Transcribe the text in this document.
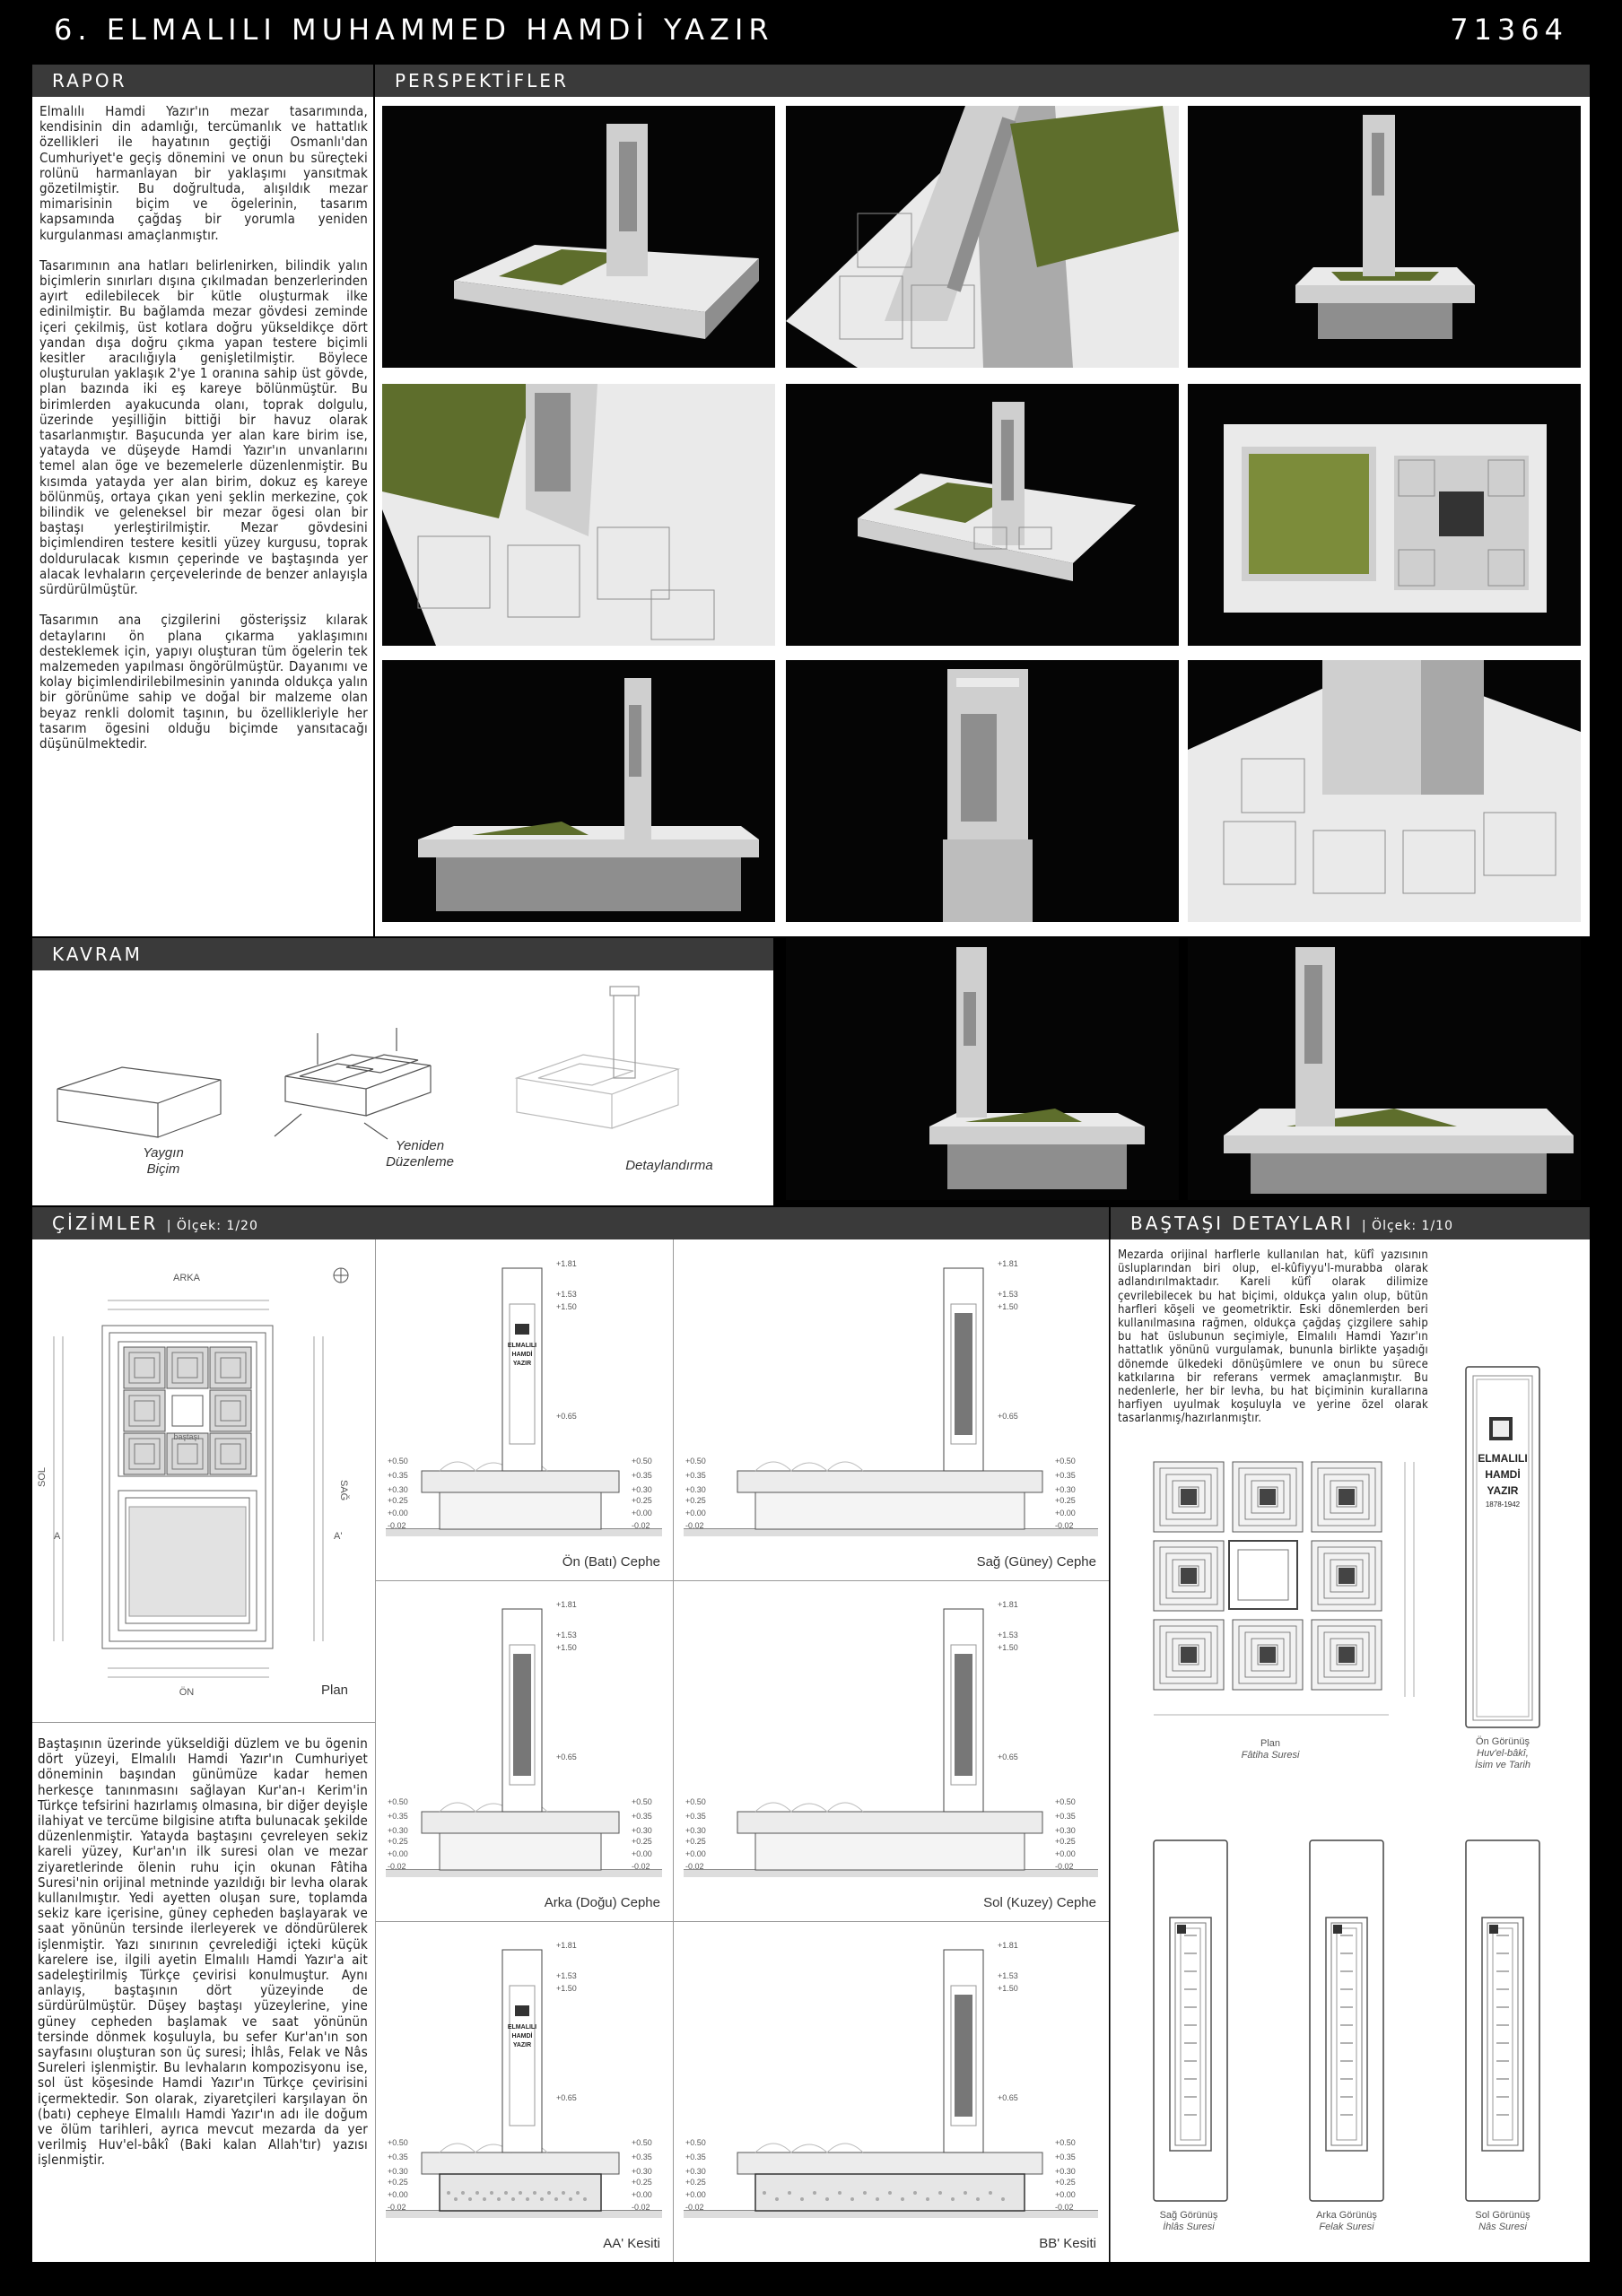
6. ELMALILI MUHAMMED HAMDİ YAZIR	71364
RAPOR

Elmalılı Hamdi Yazır'ın mezar tasarımında, kendisinin din adamlığı, tercümanlık ve hattatlık özellikleri ile hayatının geçtiği Osmanlı'dan Cumhuriyet'e geçiş dönemini ve onun bu süreçteki rolünü harmanlayan bir yaklaşımı yansıtmak gözetilmiştir. Bu doğrultuda, alışıldık mezar mimarisinin biçim ve ögelerinin, tasarım kapsamında çağdaş bir yorumla yeniden kurgulanması amaçlanmıştır.

Tasarımının ana hatları belirlenirken, bilindik yalın biçimlerin sınırları dışına çıkılmadan benzerlerinden ayırt edilebilecek bir kütle oluşturmak ilke edinilmiştir. Bu bağlamda mezar gövdesi zeminde içeri çekilmiş, üst kotlara doğru yükseldikçe dört yandan dışa doğru çıkma yapan testere biçimli kesitler aracılığıyla genişletilmiştir. Böylece oluşturulan yaklaşık 2'ye 1 oranına sahip üst gövde, plan bazında iki eş kareye bölünmüştür. Bu birimlerden ayakucunda olanı, toprak dolgulu, üzerinde yeşilliğin bittiği bir havuz olarak tasarlanmıştır. Başucunda yer alan kare birim ise, yatayda ve düşeyde Hamdi Yazır'ın unvanlarını temel alan öge ve bezemelerle düzenlenmiştir. Bu kısımda yatayda yer alan birim, dokuz eş kareye bölünmüş, ortaya çıkan yeni şeklin merkezine, çok bilindik ve geleneksel bir mezar ögesi olan bir baştaşı yerleştirilmiştir. Mezar gövdesini biçimlendiren testere kesitli yüzey kurgusu, toprak doldurulacak kısmın çeperinde ve baştaşında yer alacak levhaların çerçevelerinde de benzer anlayışla sürdürülmüştür.

Tasarımın ana çizgilerini gösterişsiz kılarak detaylarını ön plana çıkarma yaklaşımını desteklemek için, yapıyı oluşturan tüm ögelerin tek malzemeden yapılması öngörülmüştür. Dayanımı ve kolay biçimlendirilebilmesinin yanında oldukça yalın bir görünüme sahip ve doğal bir malzeme olan beyaz renkli dolomit taşının, bu özellikleriyle her tasarım ögesini olduğu biçimde yansıtacağı düşünülmektedir.

PERSPEKTİFLER
KAVRAM
Yaygın
Biçim
Yeniden
Düzenleme	Detaylandırma
ÇİZİMLER | Ölçek: 1/20	BAŞTAŞI DETAYLARI | Ölçek: 1/10
ARKA
ÖN
SOL
SAĞ
A	A'
baştaşı
Plan
Baştaşının üzerinde yükseldiği düzlem ve bu ögenin dört yüzeyi, Elmalılı Hamdi Yazır'ın Cumhuriyet döneminin başından günümüze kadar hemen herkesçe tanınmasını sağlayan Kur'an-ı Kerim'in Türkçe tefsirini hazırlamış olmasına, bir diğer deyişle ilahiyat ve tercüme bilgisine atıfta bulunacak şekilde düzenlenmiştir. Yatayda baştaşını çevreleyen sekiz kareli yüzey, Kur'an'ın ilk suresi olan ve mezar ziyaretlerinde ölenin ruhu için okunan Fâtiha Suresi'nin orijinal metninde yazıldığı bir levha olarak kullanılmıştır. Yedi ayetten oluşan sure, toplamda sekiz kare içerisine, güney cepheden başlayarak ve saat yönünün tersinde ilerleyerek ve döndürülerek işlenmiştir. Yazı sınırının çevrelediği içteki küçük karelere ise, ilgili ayetin Elmalılı Hamdi Yazır'a ait sadeleştirilmiş Türkçe çevirisi konulmuştur. Aynı anlayış, baştaşının dört yüzeyinde de sürdürülmüştür. Düşey baştaşı yüzeylerine, yine güney cepheden başlamak ve saat yönünün tersinde dönmek koşuluyla, bu sefer Kur'an'ın son sayfasını oluşturan son üç suresi; İhlâs, Felak ve Nâs Sureleri işlenmiştir. Bu levhaların kompozisyonu ise, sol üst köşesinde Hamdi Yazır'ın Türkçe çevirisini içermektedir. Son olarak, ziyaretçileri karşılayan ön (batı) cepheye Elmalılı Hamdi Yazır'ın adı ile doğum ve ölüm tarihleri, ayrıca mevcut mezarda da yer verilmiş Huv'el-bâkî (Baki kalan Allah'tır) yazısı işlenmiştir.
ELMALILI
HAMDİ
YAZIR
+1.81
+1.53
+1.50
+0.65
+0.50
+0.50
+0.35
+0.35
+0.30
+0.30
+0.25
+0.25
+0.00
+0.00
-0.02
-0.02
Ön (Batı) Cephe
+1.81
+1.53
+1.50
+0.65
+0.50
+0.50
+0.35
+0.35
+0.30
+0.30
+0.25
+0.25
+0.00
+0.00
-0.02
-0.02
Sağ (Güney) Cephe
+1.81
+1.53
+1.50
+0.65
+0.50
+0.50
+0.35
+0.35
+0.30
+0.30
+0.25
+0.25
+0.00
+0.00
-0.02
-0.02
Arka (Doğu) Cephe
+1.81
+1.53
+1.50
+0.65
+0.50
+0.50
+0.35
+0.35
+0.30
+0.30
+0.25
+0.25
+0.00
+0.00
-0.02
-0.02
Sol (Kuzey) Cephe
ELMALILI
HAMDİ
YAZIR
+1.81
+1.53
+1.50
+0.65
+0.50
+0.50
+0.35
+0.35
+0.30
+0.30
+0.25
+0.25
+0.00
+0.00
-0.02
-0.02
AA' Kesiti
+1.81
+1.53
+1.50
+0.65
+0.50
+0.50
+0.35
+0.35
+0.30
+0.30
+0.25
+0.25
+0.00
+0.00
-0.02
-0.02
BB' Kesiti
Mezarda orijinal harflerle kullanılan hat, küfî yazısının üsluplarından biri olup, el-kûfiyyu'l-murabba olarak adlandırılmaktadır. Kareli küfî olarak dilimize çevrilebilecek bu hat biçimi, oldukça yalın olup, bütün harfleri köşeli ve geometriktir. Eski dönemlerden beri kullanılmasına rağmen, oldukça çağdaş çizgilere sahip bu hat üslubunun seçimiyle, Elmalılı Hamdi Yazır'ın hattatlık yönünü vurgulamak, bununla birlikte yaşadığı dönemde ülkedeki dönüşümlere ve onun bu sürece katkılarına bir referans vermek amaçlanmıştır. Bu nedenlerle, her bir levha, bu hat biçiminin kurallarına harfiyen uyulmak koşuluyla ve yerine özel olarak tasarlanmış/hazırlanmıştır.
Plan
Fâtiha Suresi
ELMALILI
HAMDİ
YAZIR
1878-1942
Ön Görünüş
Huv'el-bâkî,
İsim ve Tarih
Sağ Görünüş
İhlâs Suresi
Arka Görünüş
Felak Suresi
Sol Görünüş
Nâs Suresi
